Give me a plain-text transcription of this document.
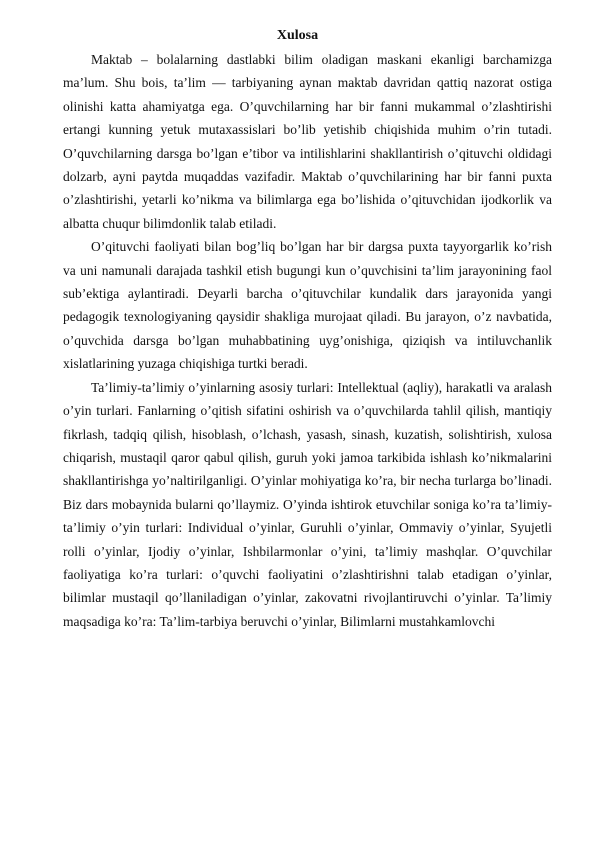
Xulosa

Maktab – bolalarning dastlabki bilim oladigan maskani ekanligi barchamizga ma’lum. Shu bois, ta’lim — tarbiyaning aynan maktab davridan qattiq nazorat ostiga olinishi katta ahamiyatga ega. O’quvchilarning har bir fanni mukammal o’zlashtirishi ertangi kunning yetuk mutaxassislari bo’lib yetishib chiqishida muhim o’rin tutadi. O’quvchilarning darsga bo’lgan e’tibor va intilishlarini shakllantirish o’qituvchi oldidagi dolzarb, ayni paytda muqaddas vazifadir. Maktab o’quvchilarining har bir fanni puxta o’zlashtirishi, yetarli ko’nikma va bilimlarga ega bo’lishida o’qituvchidan ijodkorlik va albatta chuqur bilimdonlik talab etiladi.

O’qituvchi faoliyati bilan bog’liq bo’lgan har bir dargsa puxta tayyorgarlik ko’rish va uni namunali darajada tashkil etish bugungi kun o’quvchisini ta’lim jarayonining faol sub’ektiga aylantiradi. Deyarli barcha o’qituvchilar kundalik dars jarayonida yangi pedagogik texnologiyaning qaysidir shakliga murojaat qiladi. Bu jarayon, o’z navbatida, o’quvchida darsga bo’lgan muhabbatining uyg’onishiga, qiziqish va intiluvchanlik xislatlarining yuzaga chiqishiga turtki beradi.

Ta’limiy-ta’limiy o’yinlarning asosiy turlari: Intellektual (aqliy), harakatli va aralash o’yin turlari. Fanlarning o’qitish sifatini oshirish va o’quvchilarda tahlil qilish, mantiqiy fikrlash, tadqiq qilish, hisoblash, o’lchash, yasash, sinash, kuzatish, solishtirish, xulosa chiqarish, mustaqil qaror qabul qilish, guruh yoki jamoa tarkibida ishlash ko’nikmalarini shakllantirishga yo’naltirilganligi. O’yinlar mohiyatiga ko’ra, bir necha turlarga bo’linadi. Biz dars mobaynida bularni qo’llaymiz. O’yinda ishtirok etuvchilar soniga ko’ra ta’limiy-ta’limiy o’yin turlari: Individual o’yinlar, Guruhli o’yinlar, Ommaviy o’yinlar, Syujetli rolli o’yinlar, Ijodiy o’yinlar, Ishbilarmonlar o’yini, ta’limiy mashqlar. O’quvchilar faoliyatiga ko’ra turlari: o’quvchi faoliyatini o’zlashtirishni talab etadigan o’yinlar, bilimlar mustaqil qo’llaniladigan o’yinlar, zakovatni rivojlantiruvchi o’yinlar. Ta’limiy maqsadiga ko’ra: Ta’lim-tarbiya beruvchi o’yinlar, Bilimlarni mustahkamlovchi
